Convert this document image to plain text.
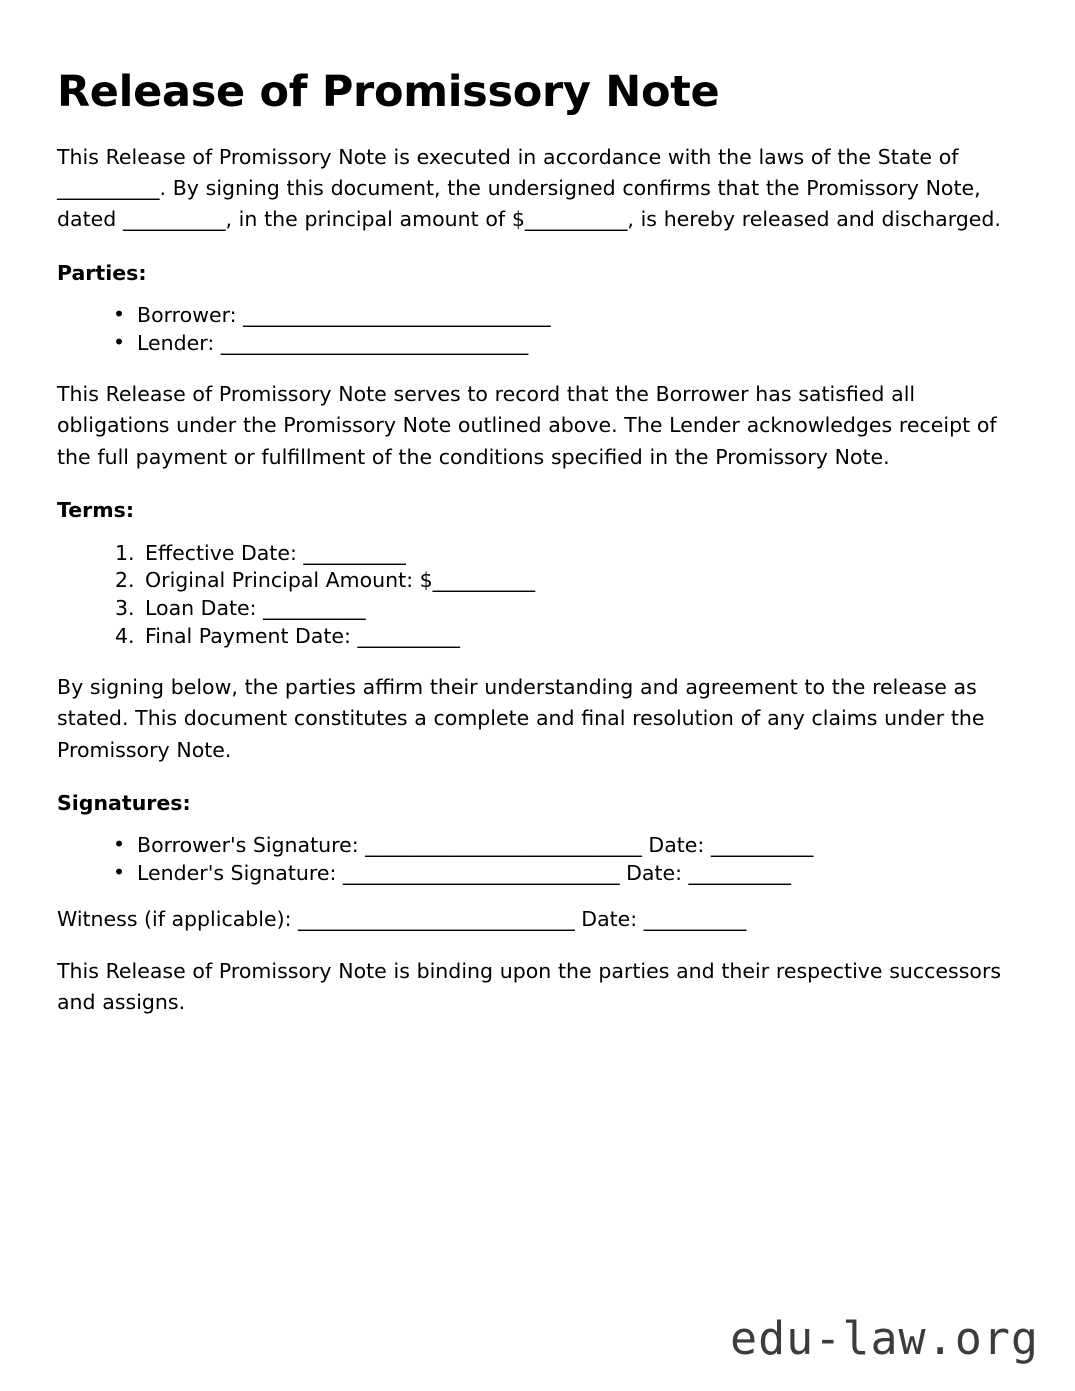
Release of Promissory Note

This Release of Promissory Note is executed in accordance with the laws of the State of __________. By signing this document, the undersigned confirms that the Promissory Note, dated __________, in the principal amount of $__________, is hereby released and discharged.

Parties:
• Borrower: ______________________________
• Lender: ______________________________

This Release of Promissory Note serves to record that the Borrower has satisfied all obligations under the Promissory Note outlined above. The Lender acknowledges receipt of the full payment or fulfillment of the conditions specified in the Promissory Note.

Terms:
Effective Date: __________
Original Principal Amount: $__________
Loan Date: __________
Final Payment Date: __________

By signing below, the parties affirm their understanding and agreement to the release as stated. This document constitutes a complete and final resolution of any claims under the Promissory Note.

Signatures:
• Borrower's Signature: ___________________________ Date: __________
• Lender's Signature: ___________________________ Date: __________

Witness (if applicable): ___________________________ Date: __________

This Release of Promissory Note is binding upon the parties and their respective successors and assigns.

edu-law.org
